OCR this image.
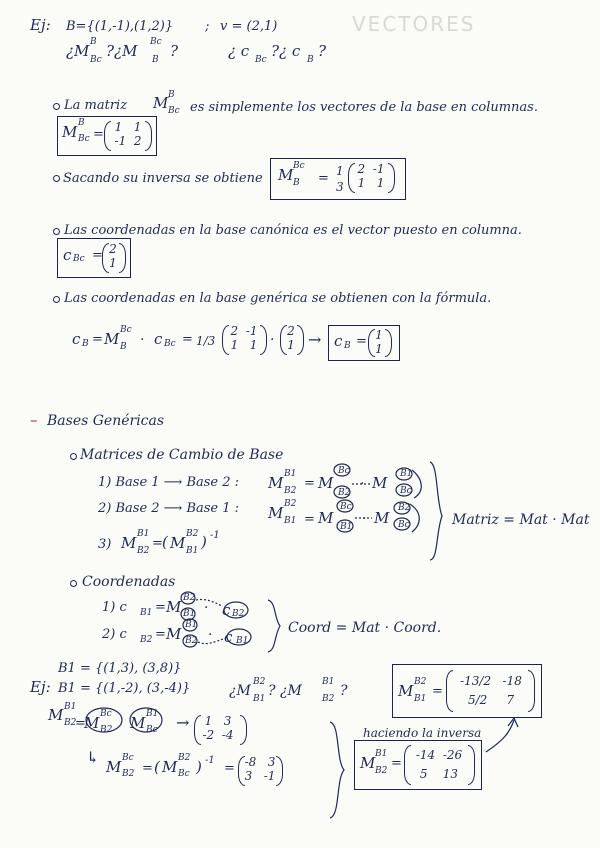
VECTORES
Ej: B={(1,-1),(1,2)} ; v = (2,1)
¿M B
Bc ?¿M Bc
B ?	¿ c Bc ?¿ c B ?
La matriz M B
Bc es simplemente los vectores de la base en columnas.
M B
Bc = 1   1
-1  2
Sacando su inversa se obtiene M Bc
B = 1
3
2  -1
1   1
Las coordenadas en la base canónica es el vector puesto en columna.
c Bc = 2
1
Las coordenadas en la base genérica se obtienen con la fórmula.
c B = M Bc
B · c Bc = 1/3
2  -1
1   1 ·
2
1 → c B = 1
1
– Bases Genéricas
Matrices de Cambio de Base
1) Base 1 ⟶ Base 2 : M B1
B2 = M
Bc
B2
· M B1
Bc
2) Base 2 ⟶ Base 1 : M B2
B1 = M
Bc
B1 · M
B2
Bc
3) M B1
B2 = ( M B2
B1 ) -1
Matriz = Mat · Mat
Coordenadas
1) c B1 = M B2
B1 · c B2
2) c B2 = M B1
B2 · c B1
Coord = Mat · Coord.
B1 = {(1,3), (3,8)}
Ej: B1 = {(1,-2), (3,-4)}	¿M
B2
B1 ? ¿M
B1
B2 ?	M B2
B1 =
-13/2   -18
5/2     7
M B1
B2
=
M Bc
B2 M B1
Bc →	1   3
-2  -4
↳ M Bc
B2 = ( M B2
Bc ) -1
= -8   3
3   -1
haciendo la inversa
M B1
B2 =
-14  -26
5    13
